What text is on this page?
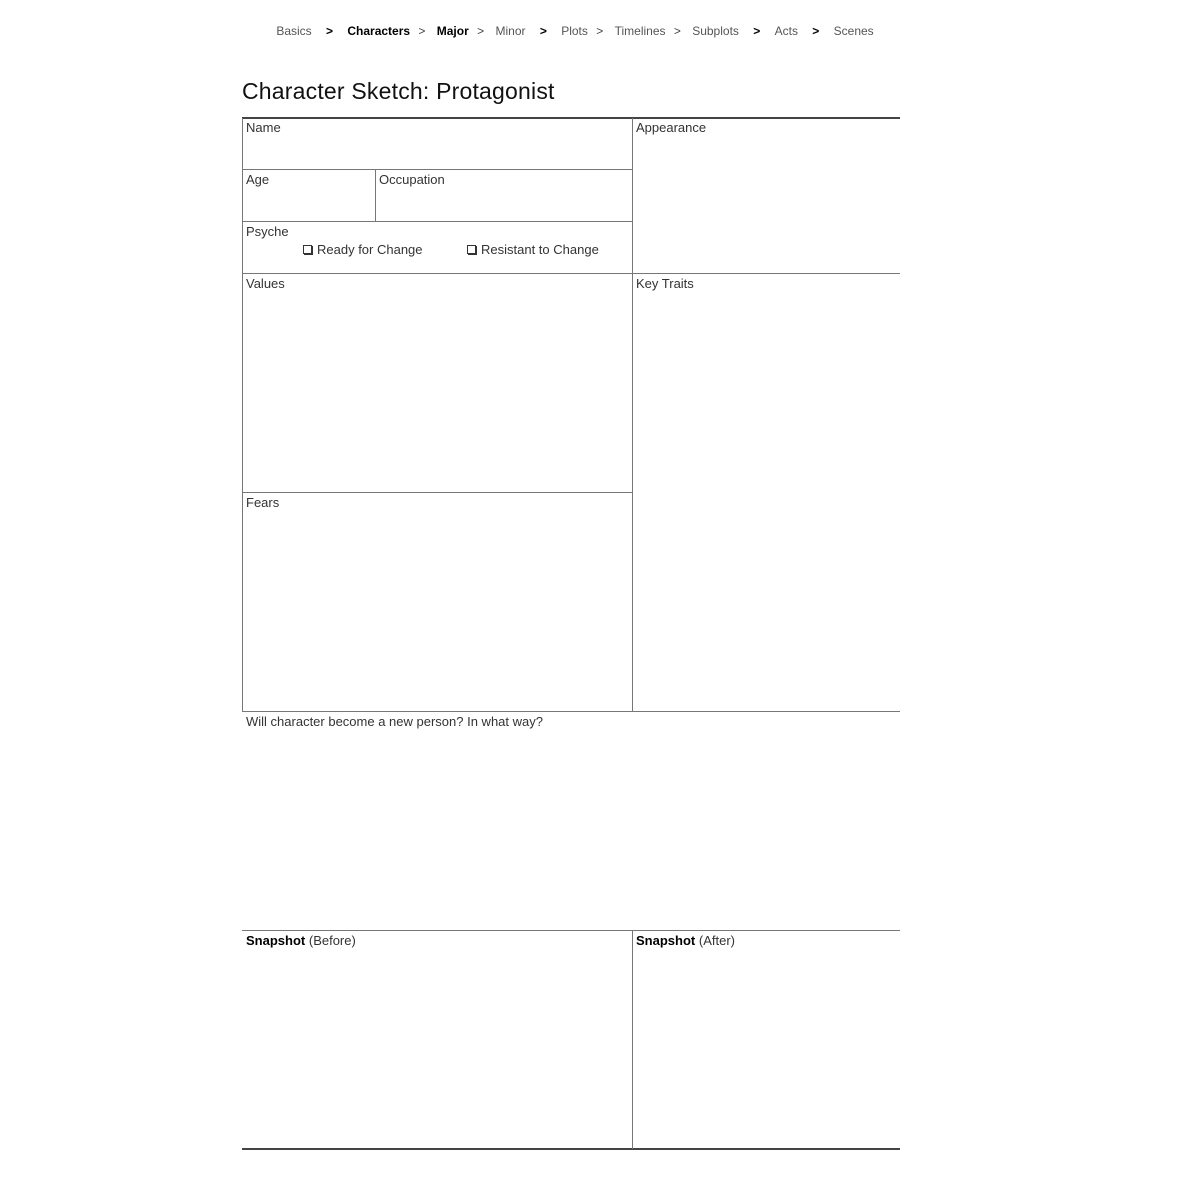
Basics > Characters > Major > Minor > Plots > Timelines > Subplots > Acts > Scenes
Character Sketch: Protagonist
Name	Appearance
Age	Occupation
Psyche
Ready for Change	Resistant to Change
Values	Key Traits
Fears
Will character become a new person? In what way?
Snapshot (Before)	Snapshot (After)
